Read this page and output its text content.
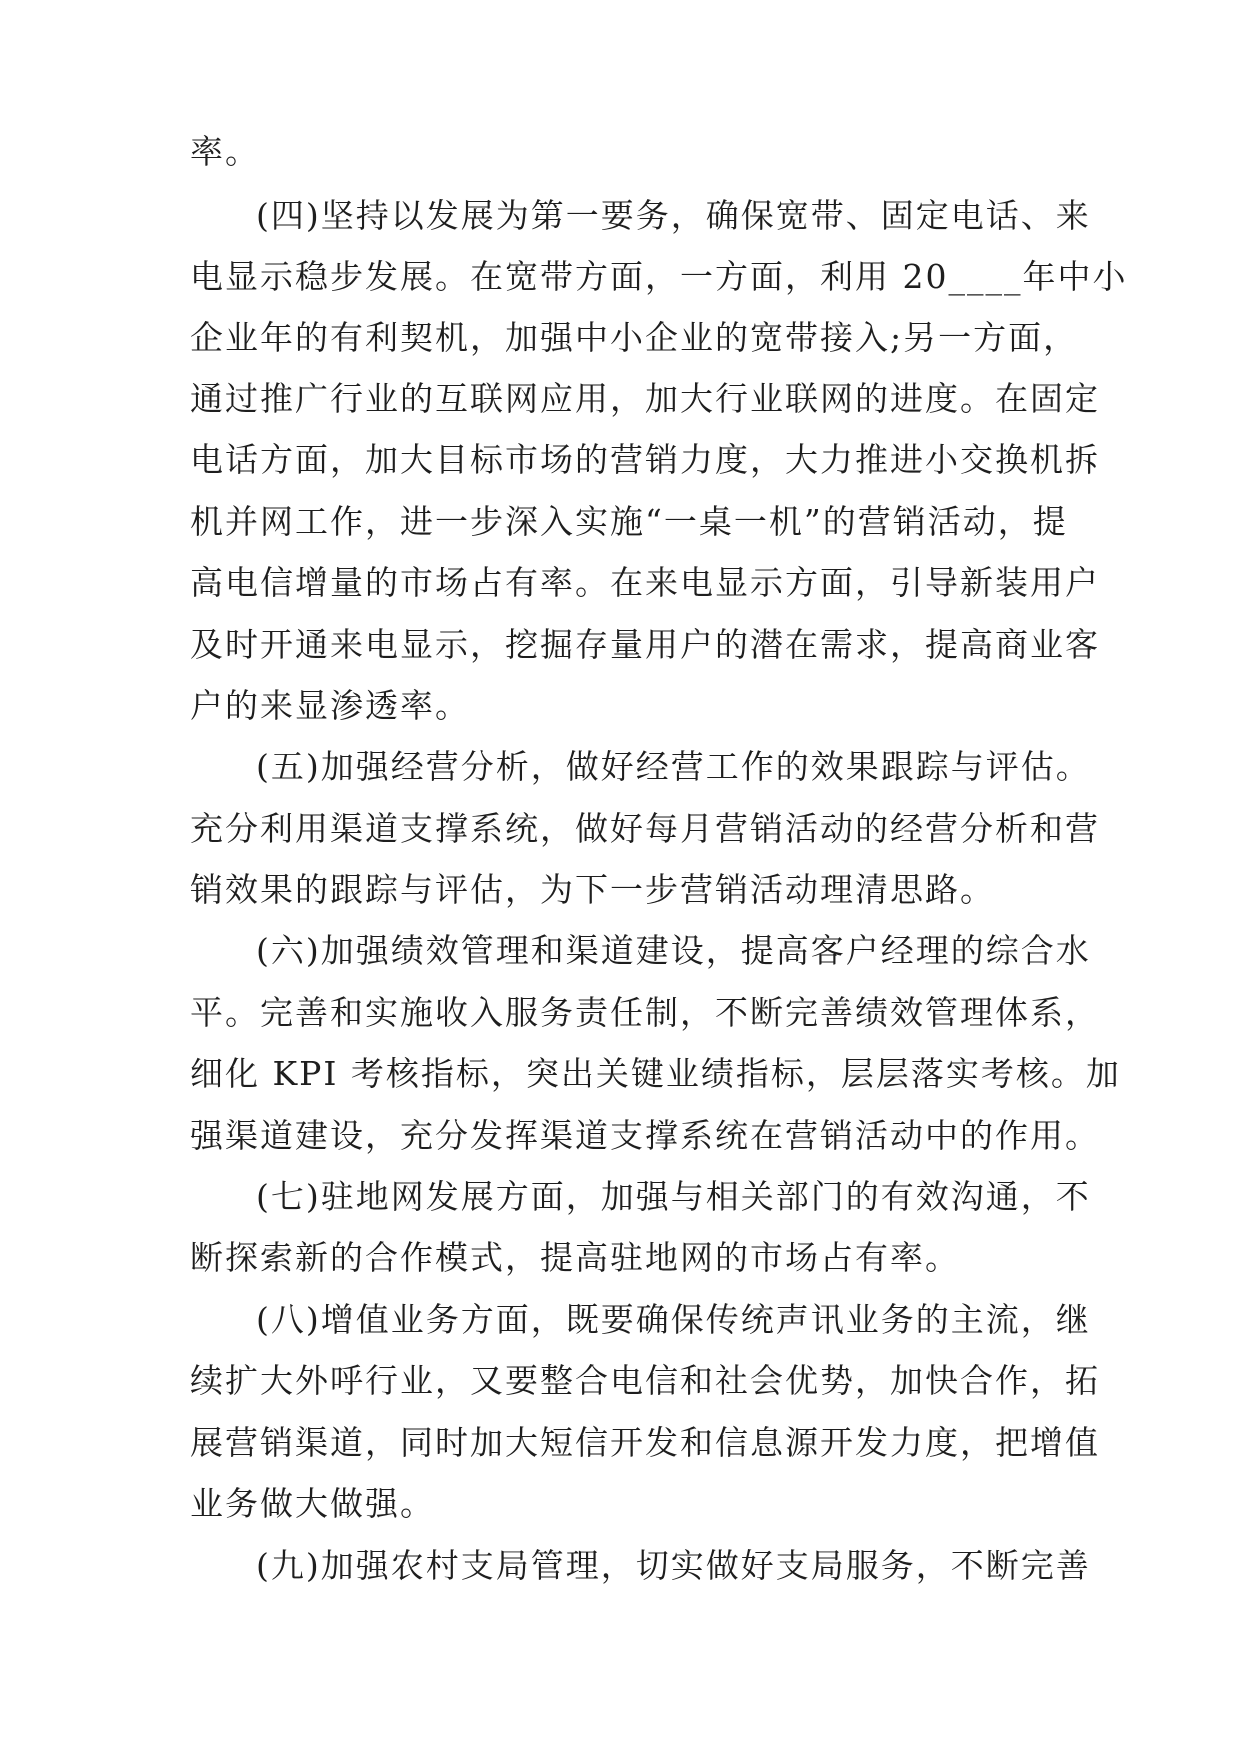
率。
(四)坚持以发展为第一要务，确保宽带、固定电话、来
电显示稳步发展。在宽带方面，一方面，利用 20____年中小
企业年的有利契机，加强中小企业的宽带接入;另一方面，
通过推广行业的互联网应用，加大行业联网的进度。在固定
电话方面，加大目标市场的营销力度，大力推进小交换机拆
机并网工作，进一步深入实施“一桌一机”的营销活动，提
高电信增量的市场占有率。在来电显示方面，引导新装用户
及时开通来电显示，挖掘存量用户的潜在需求，提高商业客
户的来显渗透率。
(五)加强经营分析，做好经营工作的效果跟踪与评估。
充分利用渠道支撑系统，做好每月营销活动的经营分析和营
销效果的跟踪与评估，为下一步营销活动理清思路。
(六)加强绩效管理和渠道建设，提高客户经理的综合水
平。完善和实施收入服务责任制，不断完善绩效管理体系，
细化 KPI 考核指标，突出关键业绩指标，层层落实考核。加
强渠道建设，充分发挥渠道支撑系统在营销活动中的作用。
(七)驻地网发展方面，加强与相关部门的有效沟通，不
断探索新的合作模式，提高驻地网的市场占有率。
(八)增值业务方面，既要确保传统声讯业务的主流，继
续扩大外呼行业，又要整合电信和社会优势，加快合作，拓
展营销渠道，同时加大短信开发和信息源开发力度，把增值
业务做大做强。
(九)加强农村支局管理，切实做好支局服务，不断完善
